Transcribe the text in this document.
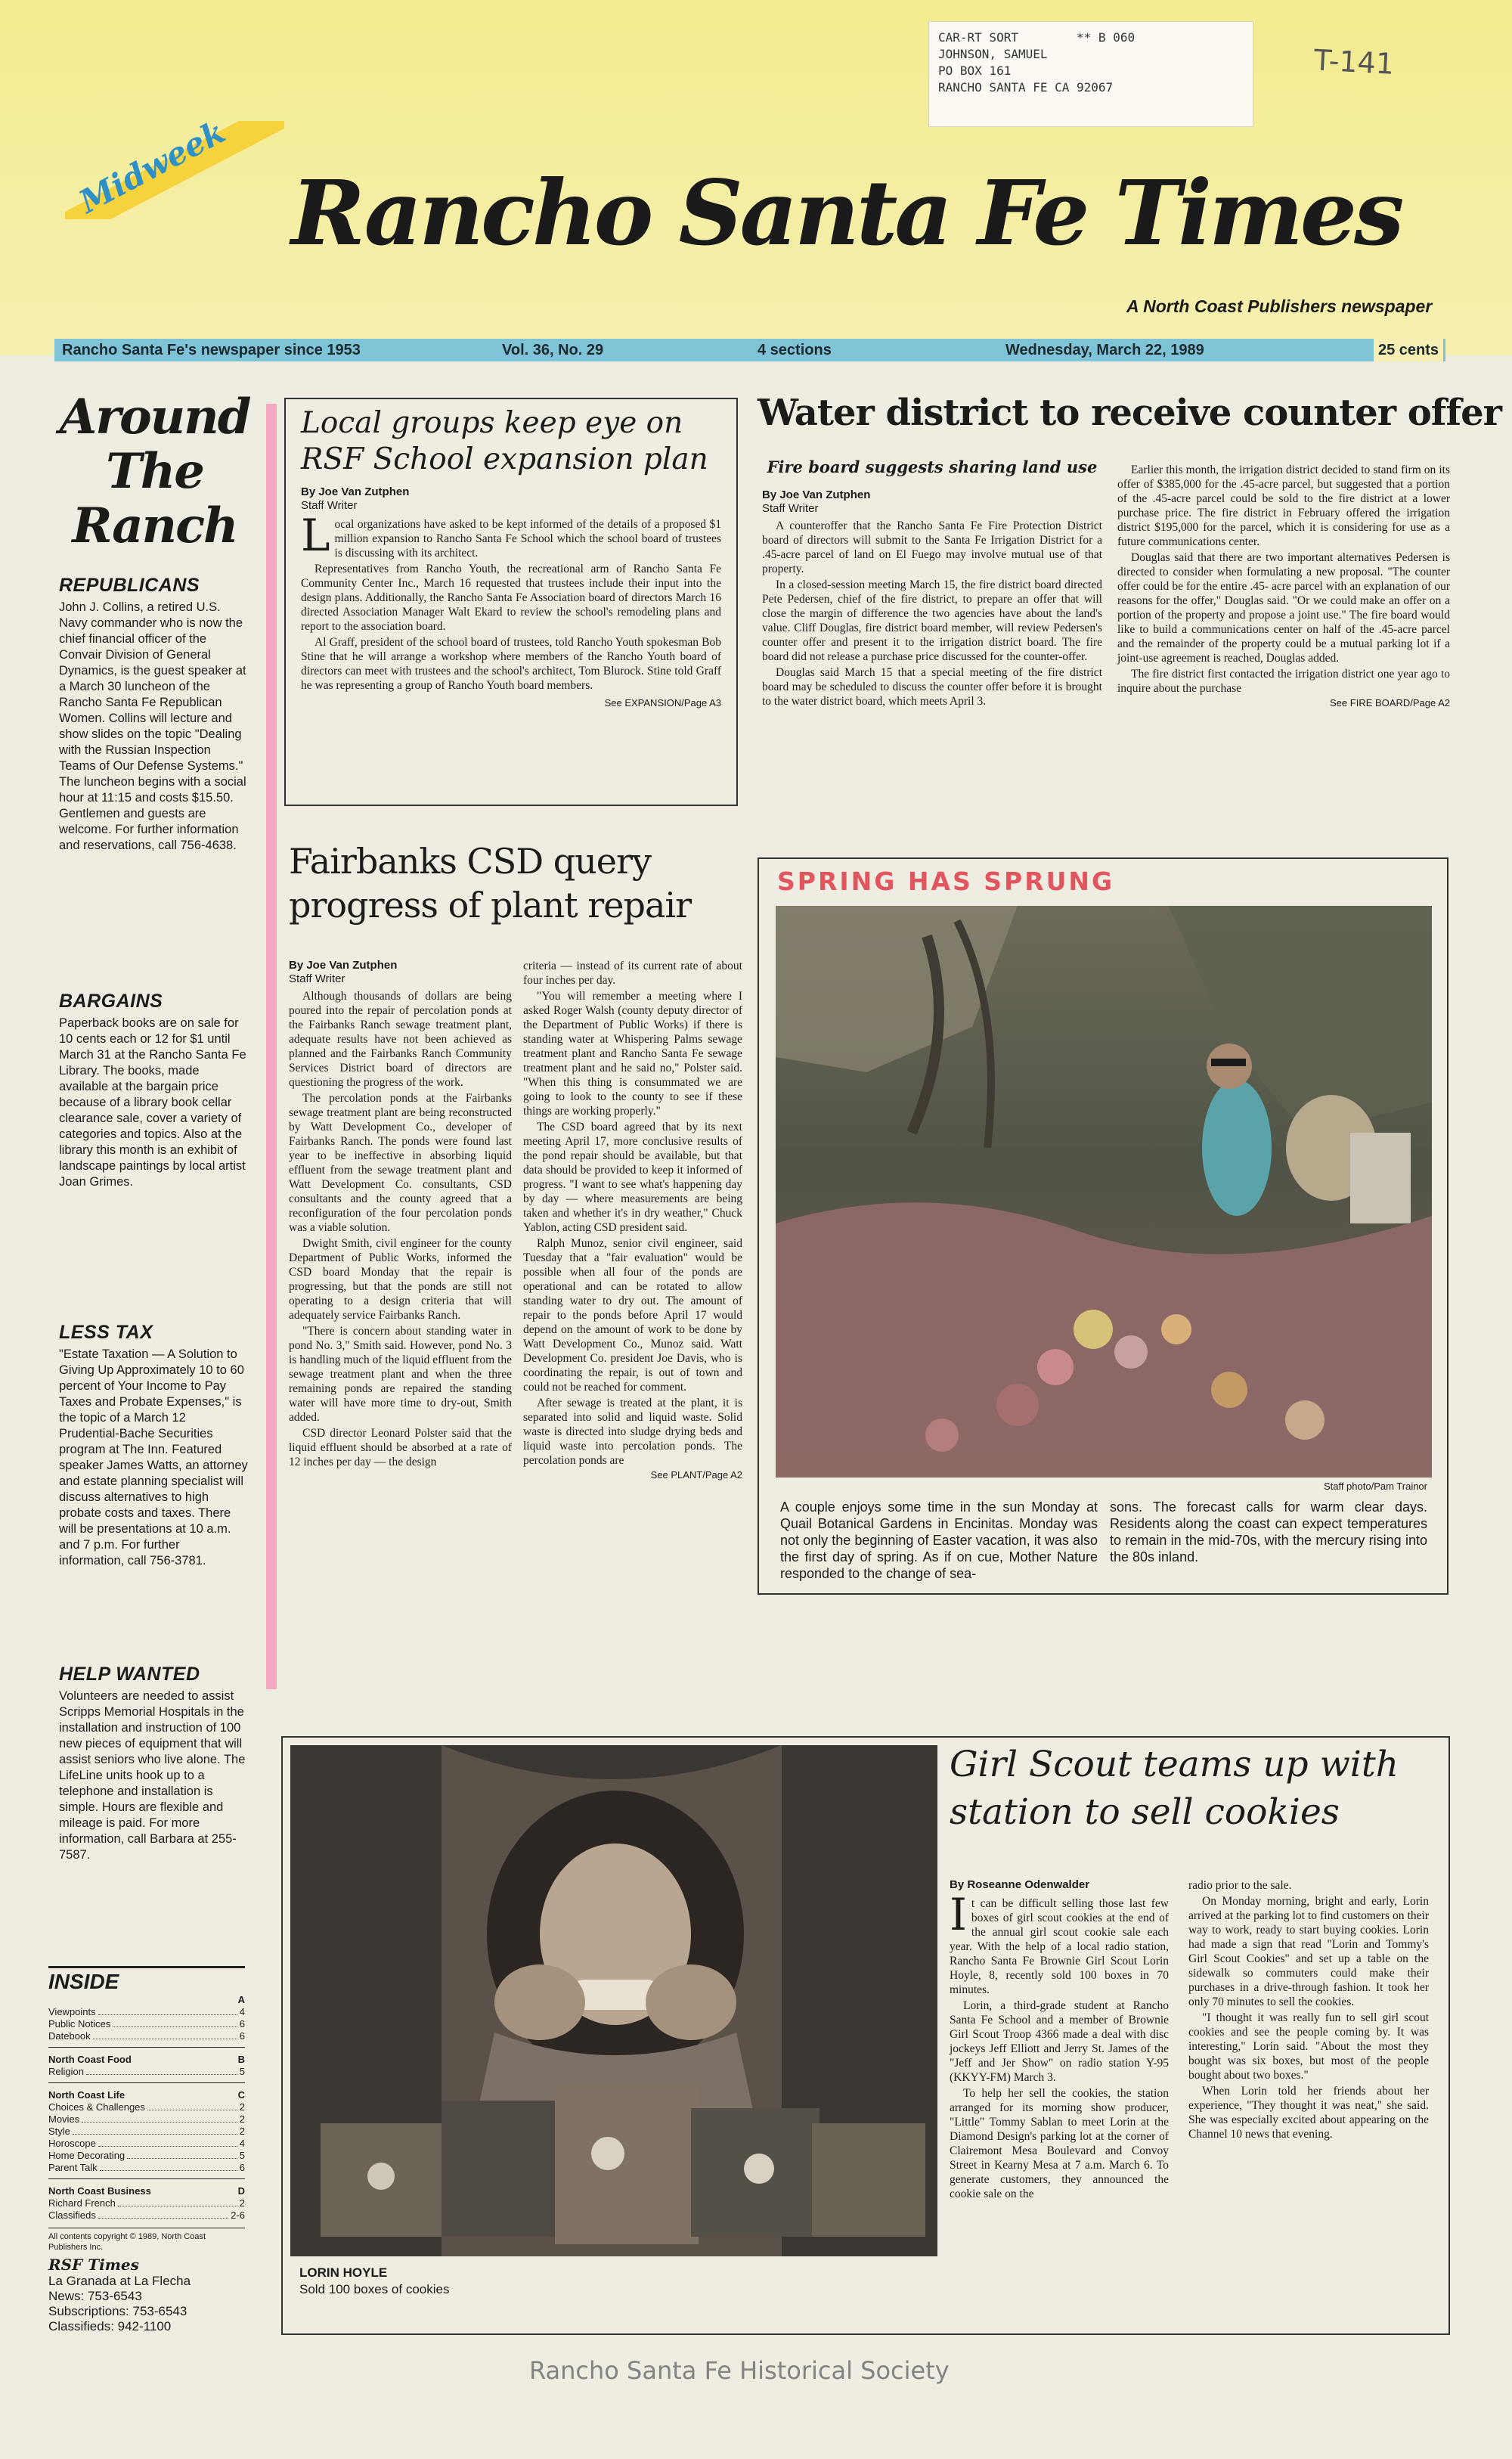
CAR-RT SORT        ** B 060
JOHNSON, SAMUEL
PO BOX 161
RANCHO SANTA FE CA 92067
T-141
Midweek Rancho Santa Fe Times
A North Coast Publishers newspaper
Rancho Santa Fe's newspaper since 1953	Vol. 36, No. 29	4 sections	Wednesday, March 22, 1989	25 cents
Around
The
Ranch
REPUBLICANS

John J. Collins, a retired U.S. Navy commander who is now the chief financial officer of the Convair Division of General Dynamics, is the guest speaker at a March 30 luncheon of the Rancho Santa Fe Republican Women. Collins will lecture and show slides on the topic "Dealing with the Russian Inspection Teams of Our Defense Systems." The luncheon begins with a social hour at 11:15 and costs $15.50. Gentlemen and guests are welcome. For further information and reservations, call 756-4638.

BARGAINS

Paperback books are on sale for 10 cents each or 12 for $1 until March 31 at the Rancho Santa Fe Library. The books, made available at the bargain price because of a library book cellar clearance sale, cover a variety of categories and topics. Also at the library this month is an exhibit of landscape paintings by local artist Joan Grimes.

LESS TAX

"Estate Taxation — A Solution to Giving Up Approximately 10 to 60 percent of Your Income to Pay Taxes and Probate Expenses," is the topic of a March 12 Prudential-Bache Securities program at The Inn. Featured speaker James Watts, an attorney and estate planning specialist will discuss alternatives to high probate costs and taxes. There will be presentations at 10 a.m. and 7 p.m. For further information, call 756-3781.

HELP WANTED

Volunteers are needed to assist Scripps Memorial Hospitals in the installation and instruction of 100 new pieces of equipment that will assist seniors who live alone. The LifeLine units hook up to a telephone and installation is simple. Hours are flexible and mileage is paid. For more information, call Barbara at 255-7587.

INSIDE
A
Viewpoints	4
Public Notices	6
Datebook	6
North Coast Food	B
Religion	5
North Coast Life	C
Choices & Challenges	2
Movies	2
Style	2
Horoscope	4
Home Decorating	5
Parent Talk	6
North Coast Business	D
Richard French	2
Classifieds	2-6
All contents copyright © 1989, North Coast Publishers Inc.
RSF Times
La Granada at La Flecha
News: 753-6543
Subscriptions: 753-6543
Classifieds: 942-1100
Local groups keep eye on RSF School expansion plan
By Joe Van Zutphen
Staff Writer

Local organizations have asked to be kept informed of the details of a proposed $1 million expansion to Rancho Santa Fe School which the school board of trustees is discussing with its architect.

Representatives from Rancho Youth, the recreational arm of Rancho Santa Fe Community Center Inc., March 16 requested that trustees include their input into the design plans. Additionally, the Rancho Santa Fe Association board of directors March 16 directed Association Manager Walt Ekard to review the school's remodeling plans and report to the association board.

Al Graff, president of the school board of trustees, told Rancho Youth spokesman Bob Stine that he will arrange a workshop where members of the Rancho Youth board of directors can meet with trustees and the school's architect, Tom Blurock. Stine told Graff he was representing a group of Rancho Youth board members.

See EXPANSION/Page A3
Water district to receive counter offer
Fire board suggests sharing land use
By Joe Van Zutphen
Staff Writer

A counteroffer that the Rancho Santa Fe Fire Protection District board of directors will submit to the Santa Fe Irrigation District for a .45-acre parcel of land on El Fuego may involve mutual use of that property.

In a closed-session meeting March 15, the fire district board directed Pete Pedersen, chief of the fire district, to prepare an offer that will close the margin of difference the two agencies have about the land's value. Cliff Douglas, fire district board member, will review Pedersen's counter offer and present it to the irrigation district board. The fire board did not release a purchase price discussed for the counter-offer.

Douglas said March 15 that a special meeting of the fire district board may be scheduled to discuss the counter offer before it is brought to the water district board, which meets April 3.

Earlier this month, the irrigation district decided to stand firm on its offer of $385,000 for the .45-acre parcel, but suggested that a portion of the .45-acre parcel could be sold to the fire district at a lower purchase price. The fire district in February offered the irrigation district $195,000 for the parcel, which it is considering for use as a future communications center.

Douglas said that there are two important alternatives Pedersen is directed to consider when formulating a new proposal. "The counter offer could be for the entire .45- acre parcel with an explanation of our reasons for the offer," Douglas said. "Or we could make an offer on a portion of the property and propose a joint use." The fire board would like to build a communications center on half of the .45-acre parcel and the remainder of the property could be a mutual parking lot if a joint-use agreement is reached, Douglas added.

The fire district first contacted the irrigation district one year ago to inquire about the purchase

See FIRE BOARD/Page A2
Fairbanks CSD query progress of plant repair
By Joe Van Zutphen
Staff Writer

Although thousands of dollars are being poured into the repair of percolation ponds at the Fairbanks Ranch sewage treatment plant, adequate results have not been achieved as planned and the Fairbanks Ranch Community Services District board of directors are questioning the progress of the work.

The percolation ponds at the Fairbanks sewage treatment plant are being reconstructed by Watt Development Co., developer of Fairbanks Ranch. The ponds were found last year to be ineffective in absorbing liquid effluent from the sewage treatment plant and Watt Development Co. consultants, CSD consultants and the county agreed that a reconfiguration of the four percolation ponds was a viable solution.

Dwight Smith, civil engineer for the county Department of Public Works, informed the CSD board Monday that the repair is progressing, but that the ponds are still not operating to a design criteria that will adequately service Fairbanks Ranch.

"There is concern about standing water in pond No. 3," Smith said. However, pond No. 3 is handling much of the liquid effluent from the sewage treatment plant and when the three remaining ponds are repaired the standing water will have more time to dry-out, Smith added.

CSD director Leonard Polster said that the liquid effluent should be absorbed at a rate of 12 inches per day — the design

criteria — instead of its current rate of about four inches per day.

"You will remember a meeting where I asked Roger Walsh (county deputy director of the Department of Public Works) if there is standing water at Whispering Palms sewage treatment plant and Rancho Santa Fe sewage treatment plant and he said no," Polster said. "When this thing is consummated we are going to look to the county to see if these things are working properly."

The CSD board agreed that by its next meeting April 17, more conclusive results of the pond repair should be available, but that data should be provided to keep it informed of progress. "I want to see what's happening day by day — where measurements are being taken and whether it's in dry weather," Chuck Yablon, acting CSD president said.

Ralph Munoz, senior civil engineer, said Tuesday that a "fair evaluation" would be possible when all four of the ponds are operational and can be rotated to allow standing water to dry out. The amount of repair to the ponds before April 17 would depend on the amount of work to be done by Watt Development Co., Munoz said. Watt Development Co. president Joe Davis, who is coordinating the repair, is out of town and could not be reached for comment.

After sewage is treated at the plant, it is separated into solid and liquid waste. Solid waste is directed into sludge drying beds and liquid waste into percolation ponds. The percolation ponds are

See PLANT/Page A2
SPRING HAS SPRUNG
Staff photo/Pam Trainor

A couple enjoys some time in the sun Monday at Quail Botanical Gardens in Encinitas. Monday was not only the beginning of Easter vacation, it was also the first day of spring. As if on cue, Mother Nature responded to the change of sea-

sons. The forecast calls for warm clear days. Residents along the coast can expect temperatures to remain in the mid-70s, with the mercury rising into the 80s inland.

LORIN HOYLE
Sold 100 boxes of cookies
Girl Scout teams up with station to sell cookies
By Roseanne Odenwalder

It can be difficult selling those last few boxes of girl scout cookies at the end of the annual girl scout cookie sale each year. With the help of a local radio station, Rancho Santa Fe Brownie Girl Scout Lorin Hoyle, 8, recently sold 100 boxes in 70 minutes.

Lorin, a third-grade student at Rancho Santa Fe School and a member of Brownie Girl Scout Troop 4366 made a deal with disc jockeys Jeff Elliott and Jerry St. James of the "Jeff and Jer Show" on radio station Y-95 (KKYY-FM) March 3.

To help her sell the cookies, the station arranged for its morning show producer, "Little" Tommy Sablan to meet Lorin at the Diamond Design's parking lot at the corner of Clairemont Mesa Boulevard and Convoy Street in Kearny Mesa at 7 a.m. March 6. To generate customers, they announced the cookie sale on the

radio prior to the sale.

On Monday morning, bright and early, Lorin arrived at the parking lot to find customers on their way to work, ready to start buying cookies. Lorin had made a sign that read "Lorin and Tommy's Girl Scout Cookies" and set up a table on the sidewalk so commuters could make their purchases in a drive-through fashion. It took her only 70 minutes to sell the cookies.

"I thought it was really fun to sell girl scout cookies and see the people coming by. It was interesting," Lorin said. "About the most they bought was six boxes, but most of the people bought about two boxes."

When Lorin told her friends about her experience, "They thought it was neat," she said. She was especially excited about appearing on the Channel 10 news that evening.

Rancho Santa Fe Historical Society
